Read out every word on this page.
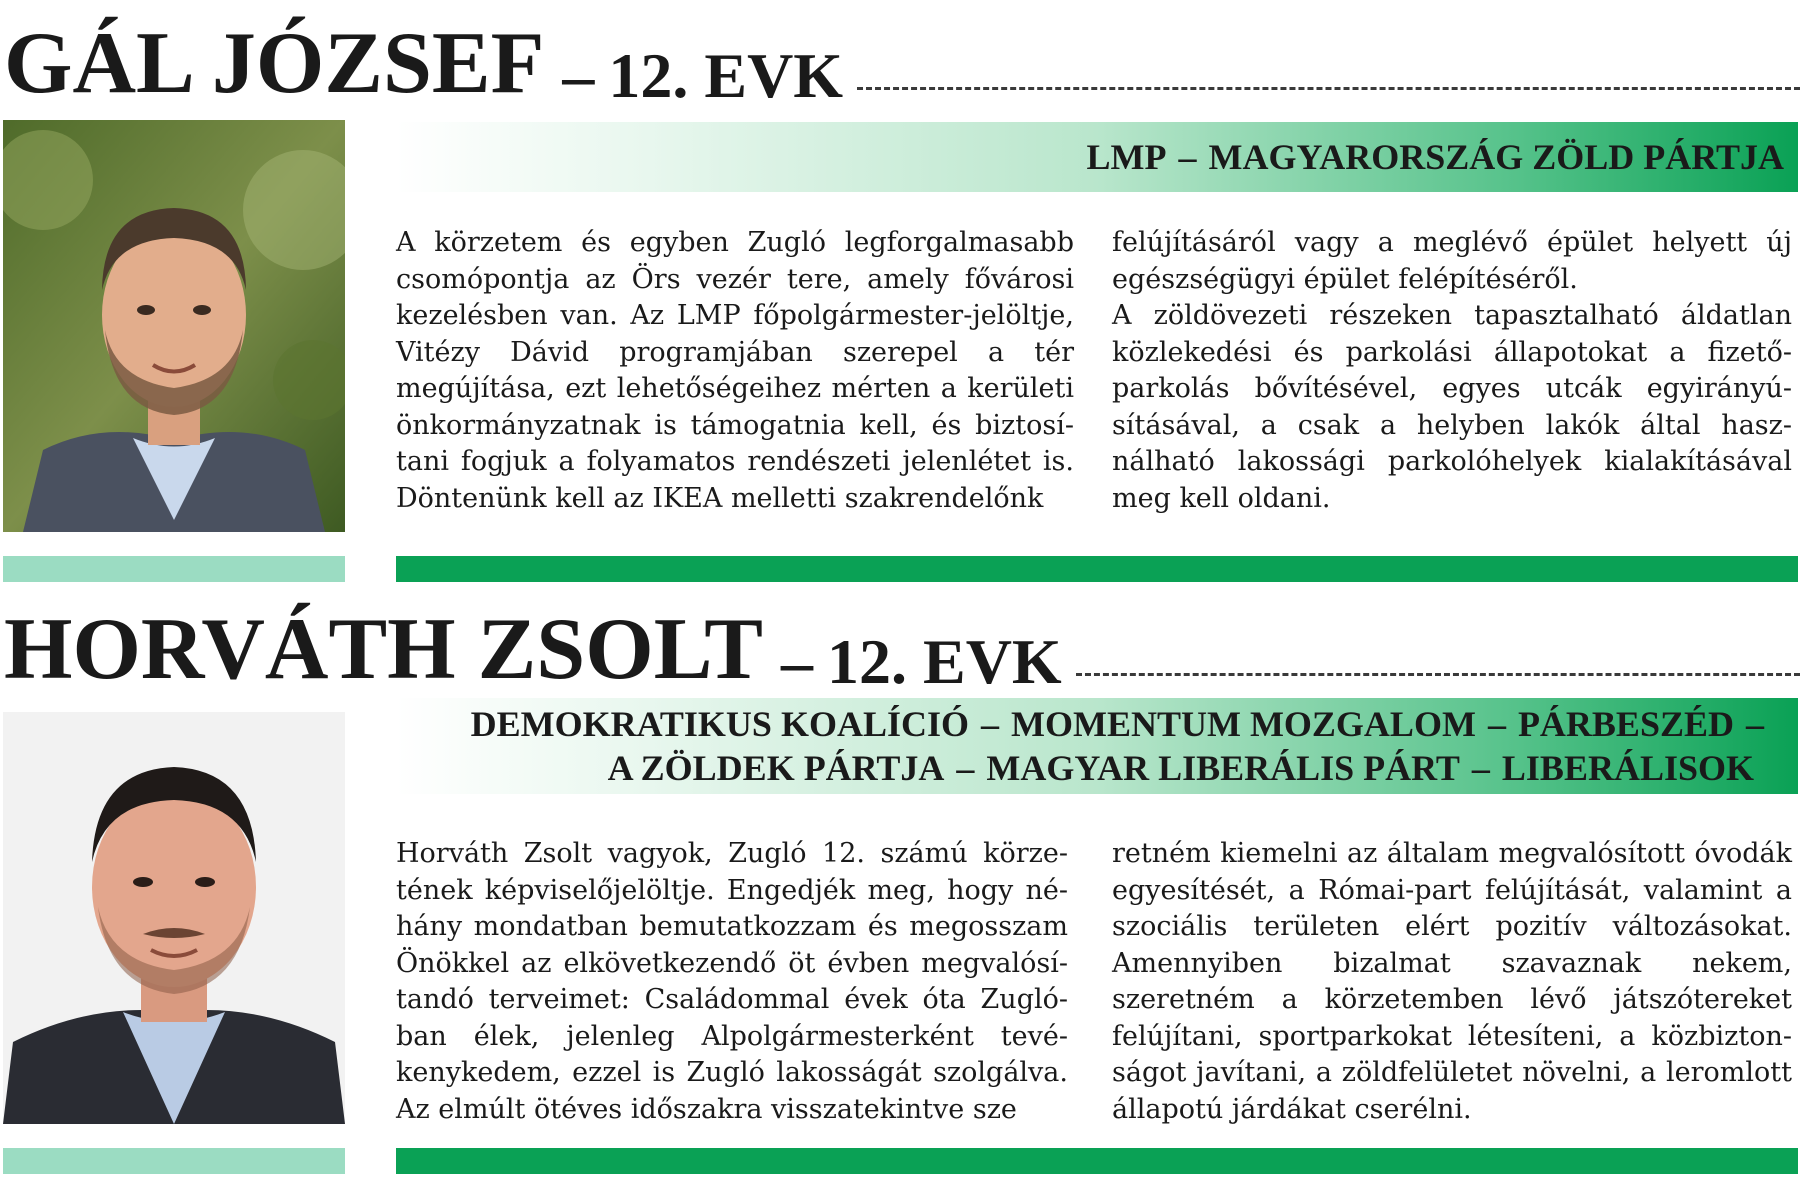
GÁL JÓZSEF – 12. EVK
LMP – MAGYARORSZÁG ZÖLD PÁRTJA
A körzetem és egyben Zugló legforgalmasabb csomópontja az Örs vezér tere, amely fővárosi kezelésben van. Az LMP főpolgármester-jelöltje, Vitézy Dávid programjában szerepel a tér megújítása, ezt lehetőségeihez mérten a kerületi önkormányzatnak is támogatnia kell, és biztosítani fogjuk a folyamatos rendészeti jelenlétet is. Döntenünk kell az IKEA melletti szakrendelőnk
felújításáról vagy a meglévő épület helyett új egészségügyi épület felépítéséről.
A zöldövezeti részeken tapasztalható áldatlan közlekedési és parkolási állapotokat a fizetőparkolás bővítésével, egyes utcák egyirányúsításával, a csak a helyben lakók által használható lakossági parkolóhelyek kialakításával meg kell oldani.
HORVÁTH ZSOLT – 12. EVK
DEMOKRATIKUS KOALÍCIÓ – MOMENTUM MOZGALOM – PÁRBESZÉD –
A ZÖLDEK PÁRTJA – MAGYAR LIBERÁLIS PÁRT – LIBERÁLISOK
Horváth Zsolt vagyok, Zugló 12. számú körzetének képviselőjelöltje. Engedjék meg, hogy néhány mondatban bemutatkozzam és megosszam Önökkel az elkövetkezendő öt évben megvalósítandó terveimet: Családommal évek óta Zuglóban élek, jelenleg Alpolgármesterként tevékenykedem, ezzel is Zugló lakosságát szolgálva. Az elmúlt ötéves időszakra visszatekintve sze
retném kiemelni az általam megvalósított óvodák egyesítését, a Római-part felújítását, valamint a szociális területen elért pozitív változásokat. Amennyiben bizalmat szavaznak nekem, szeretném a körzetemben lévő játszótereket felújítani, sportparkokat létesíteni, a közbiztonságot javítani, a zöldfelületet növelni, a leromlott állapotú járdákat cserélni.
